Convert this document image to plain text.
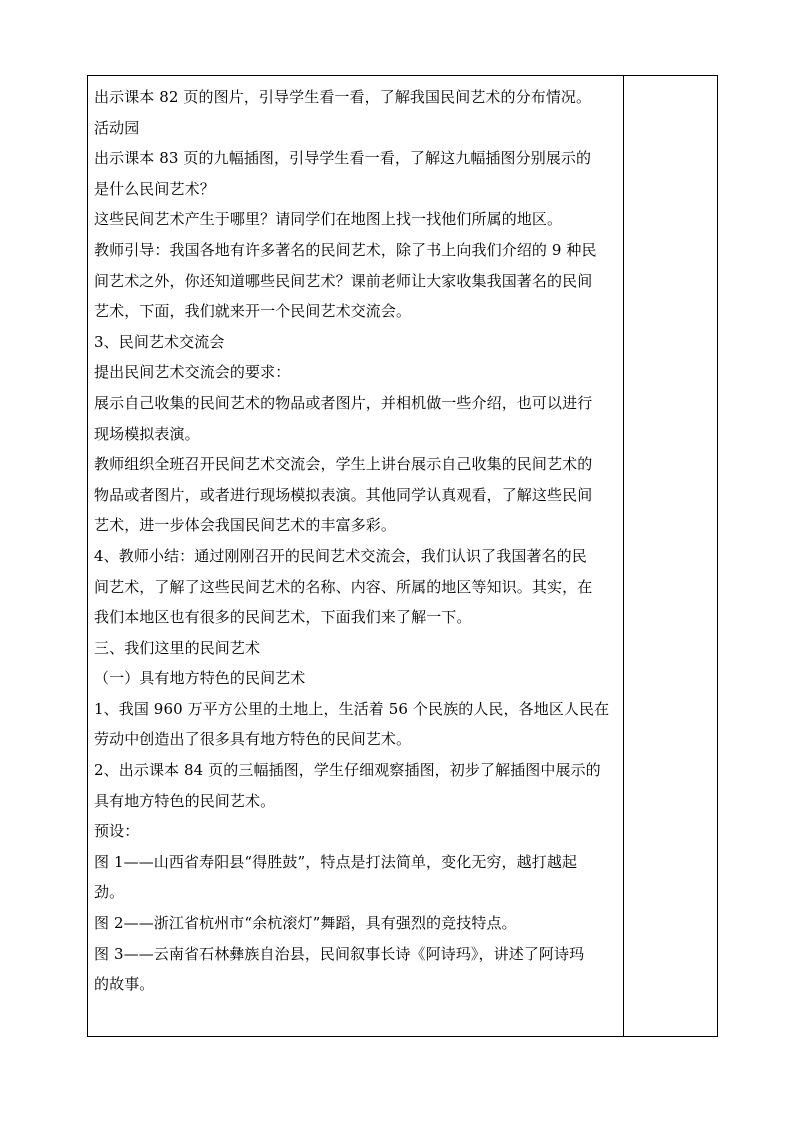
出示课本 82 页的图片，引导学生看一看，了解我国民间艺术的分布情况。
活动园
出示课本 83 页的九幅插图，引导学生看一看，了解这九幅插图分别展示的
是什么民间艺术？
这些民间艺术产生于哪里？请同学们在地图上找一找他们所属的地区。
教师引导：我国各地有许多著名的民间艺术，除了书上向我们介绍的 9 种民
间艺术之外，你还知道哪些民间艺术？课前老师让大家收集我国著名的民间
艺术，下面，我们就来开一个民间艺术交流会。
3、民间艺术交流会
提出民间艺术交流会的要求：
展示自己收集的民间艺术的物品或者图片，并相机做一些介绍，也可以进行
现场模拟表演。
教师组织全班召开民间艺术交流会，学生上讲台展示自己收集的民间艺术的
物品或者图片，或者进行现场模拟表演。其他同学认真观看，了解这些民间
艺术，进一步体会我国民间艺术的丰富多彩。
4、教师小结：通过刚刚召开的民间艺术交流会，我们认识了我国著名的民
间艺术，了解了这些民间艺术的名称、内容、所属的地区等知识。其实，在
我们本地区也有很多的民间艺术，下面我们来了解一下。
三、我们这里的民间艺术
（一）具有地方特色的民间艺术
1、我国 960 万平方公里的土地上，生活着 56 个民族的人民，各地区人民在
劳动中创造出了很多具有地方特色的民间艺术。
2、出示课本 84 页的三幅插图，学生仔细观察插图，初步了解插图中展示的
具有地方特色的民间艺术。
预设：
图 1——山西省寿阳县“得胜鼓”，特点是打法简单，变化无穷，越打越起
劲。
图 2——浙江省杭州市“余杭滚灯”舞蹈，具有强烈的竞技特点。
图 3——云南省石林彝族自治县，民间叙事长诗《阿诗玛》，讲述了阿诗玛
的故事。
